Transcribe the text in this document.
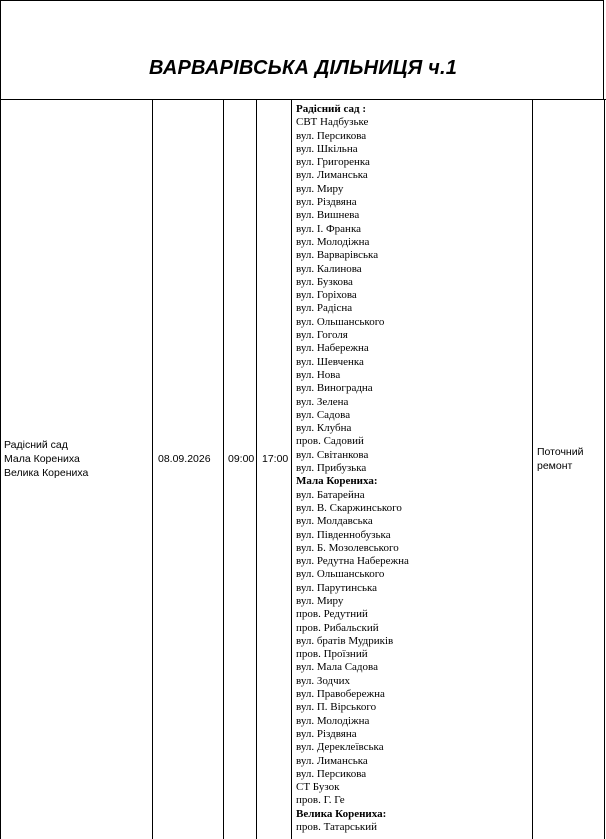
ВАРВАРІВСЬКА ДІЛЬНИЦЯ ч.1
Радісний сад
Мала Корениха
Велика Корениха
08.09.2026	09:00 17:00
Поточний
ремонт
Радісний сад :
СВТ Надбузьке
вул. Персикова
вул. Шкільна
вул. Григоренка
вул. Лиманська
вул. Миру
вул. Різдвяна
вул. Вишнева
вул. І. Франка
вул. Молодіжна
вул. Варварівська
вул. Калинова
вул. Бузкова
вул. Горіхова
вул. Радісна
вул. Ольшанського
вул. Гоголя
вул. Набережна
вул. Шевченка
вул. Нова
вул. Виноградна
вул. Зелена
вул. Садова
вул. Клубна
пров. Садовий
вул. Світанкова
вул. Прибузька
Мала Корениха:
вул. Батарейна
вул. В. Скаржинського
вул. Молдавська
вул. Південнобузька
вул. Б. Мозолевського
вул. Редутна Набережна
вул. Ольшанського
вул. Парутинська
вул. Миру
пров. Редутний
пров. Рибальский
вул. братів Мудриків
пров. Проїзний
вул. Мала Садова
вул. Зодчих
вул. Правобережна
вул. П. Вірського
вул. Молодіжна
вул. Різдвяна
вул. Дереклеївська
вул. Лиманська
вул. Персикова
СТ Бузок
пров. Г. Ге
Велика Корениха:
пров. Татарський
